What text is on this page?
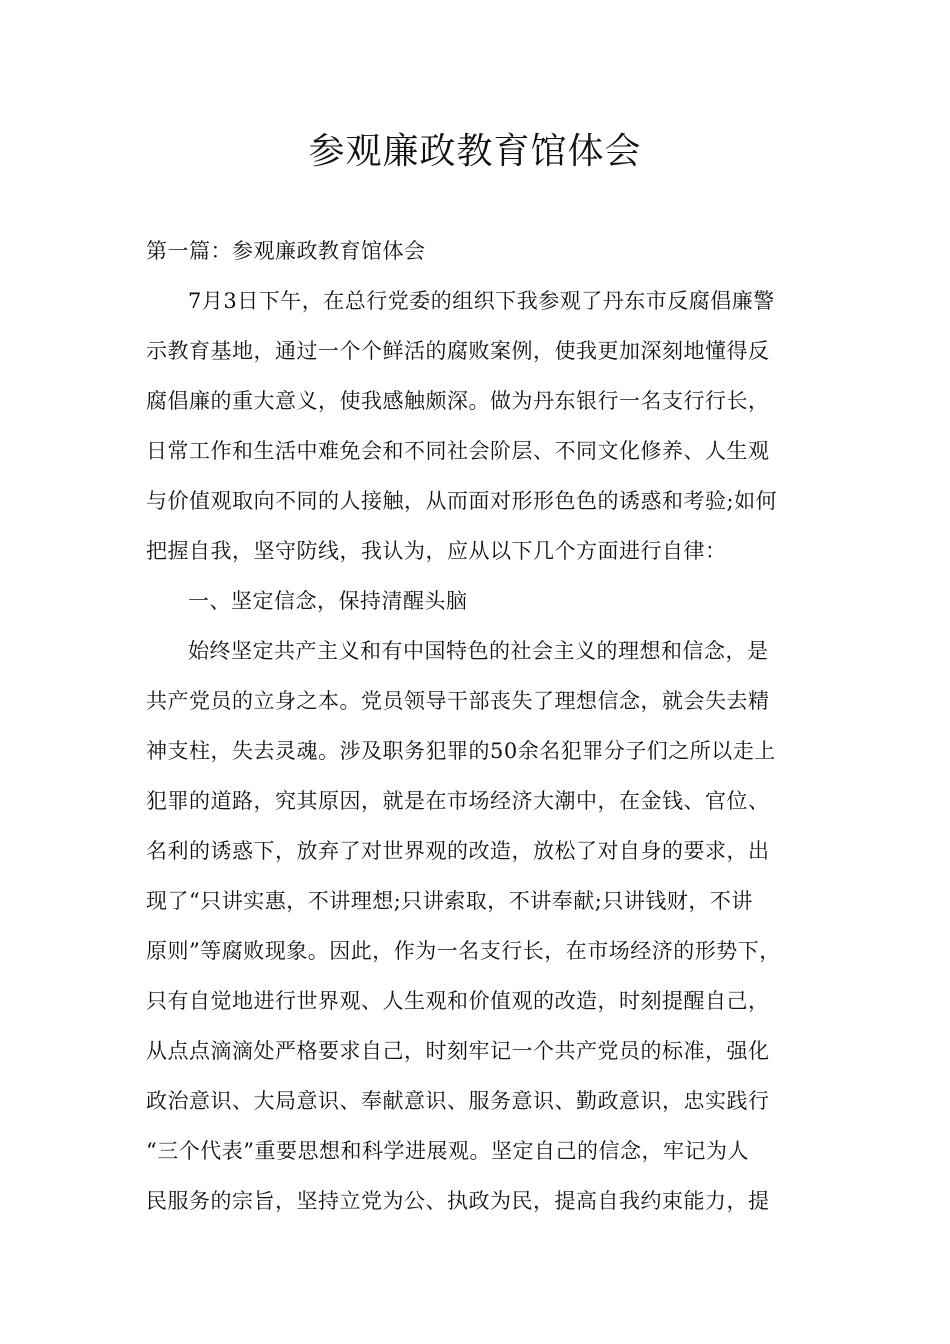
参观廉政教育馆体会
第一篇：参观廉政教育馆体会
7月3日下午，在总行党委的组织下我参观了丹东市反腐倡廉警
示教育基地，通过一个个鲜活的腐败案例，使我更加深刻地懂得反
腐倡廉的重大意义，使我感触颇深。做为丹东银行一名支行行长，
日常工作和生活中难免会和不同社会阶层、不同文化修养、人生观
与价值观取向不同的人接触，从而面对形形色色的诱惑和考验;如何
把握自我，坚守防线，我认为，应从以下几个方面进行自律：
一、坚定信念，保持清醒头脑
始终坚定共产主义和有中国特色的社会主义的理想和信念，是
共产党员的立身之本。党员领导干部丧失了理想信念，就会失去精
神支柱，失去灵魂。涉及职务犯罪的50余名犯罪分子们之所以走上
犯罪的道路，究其原因，就是在市场经济大潮中，在金钱、官位、
名利的诱惑下，放弃了对世界观的改造，放松了对自身的要求，出
现了“只讲实惠，不讲理想;只讲索取，不讲奉献;只讲钱财，不讲
原则”等腐败现象。因此，作为一名支行长，在市场经济的形势下，
只有自觉地进行世界观、人生观和价值观的改造，时刻提醒自己，
从点点滴滴处严格要求自己，时刻牢记一个共产党员的标准，强化
政治意识、大局意识、奉献意识、服务意识、勤政意识，忠实践行
“三个代表”重要思想和科学进展观。坚定自己的信念，牢记为人
民服务的宗旨，坚持立党为公、执政为民，提高自我约束能力，提
